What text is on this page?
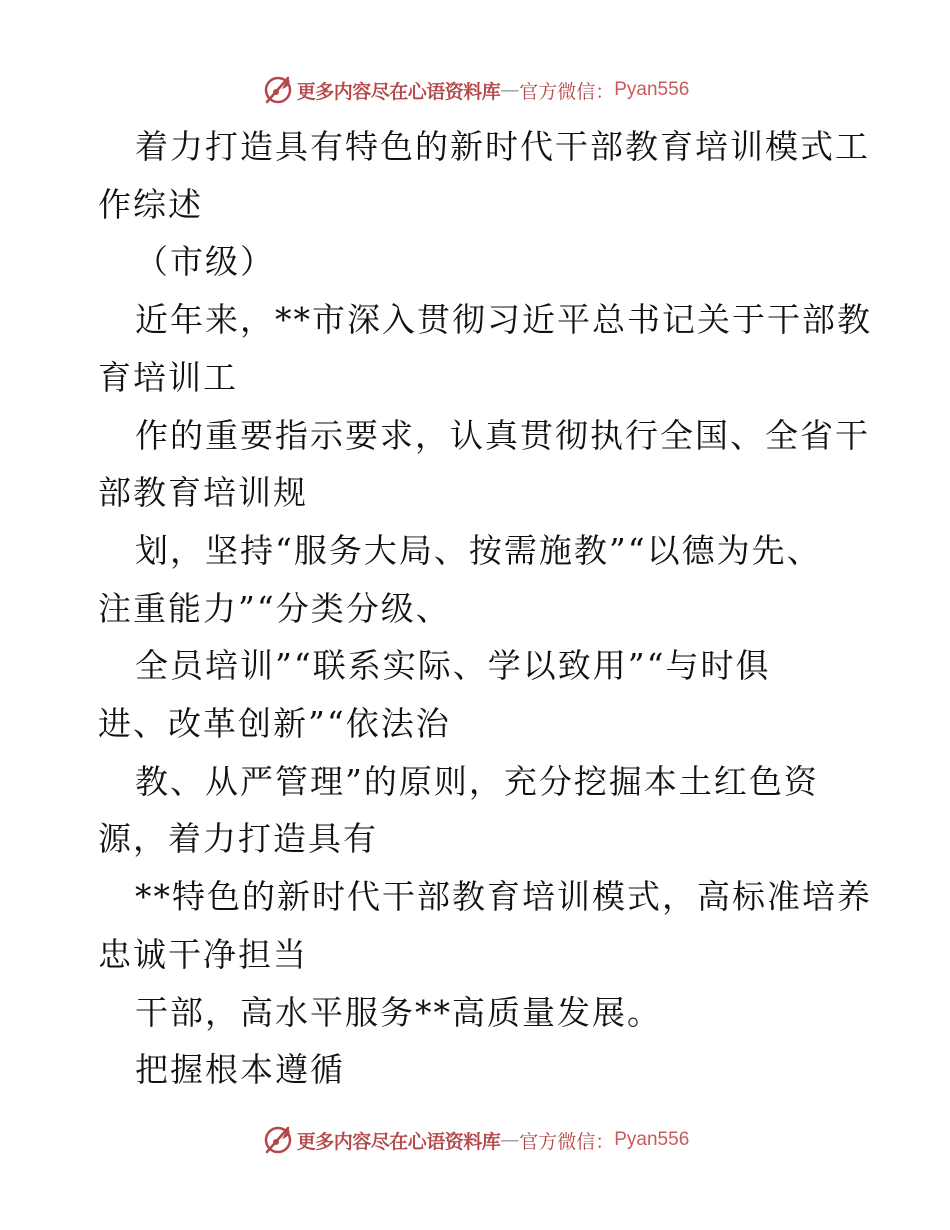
更多内容尽在心语资料库 — 官方微信： Pyan556

着力打造具有特色的新时代干部教育培训模式工

作综述

（市级）

近年来，**市深入贯彻习近平总书记关于干部教

育培训工

作的重要指示要求，认真贯彻执行全国、全省干

部教育培训规

划，坚持“服务大局、按需施教”“以德为先、

注重能力”“分类分级、

全员培训”“联系实际、学以致用”“与时俱

进、改革创新”“依法治

教、从严管理”的原则，充分挖掘本土红色资

源，着力打造具有

**特色的新时代干部教育培训模式，高标准培养

忠诚干净担当

干部，高水平服务**高质量发展。

把握根本遵循

更多内容尽在心语资料库 — 官方微信： Pyan556
